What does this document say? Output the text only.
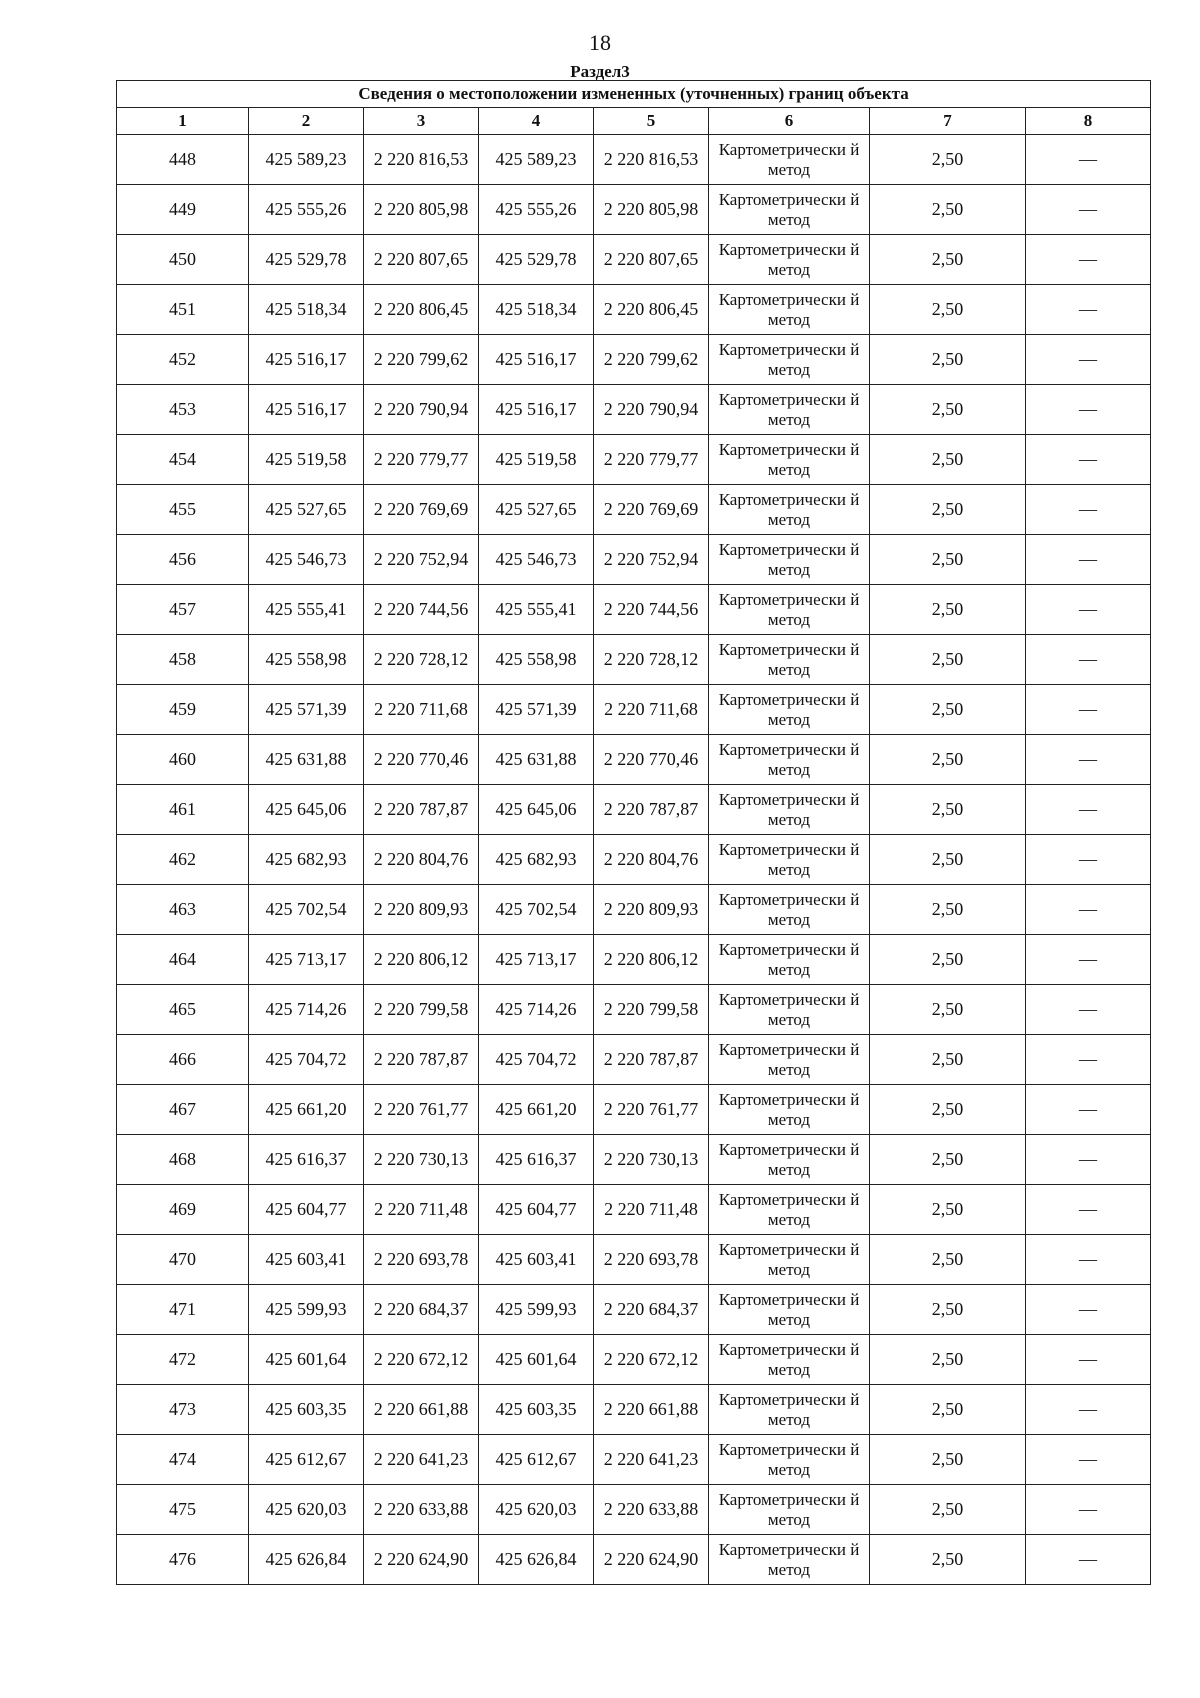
18
Раздел3
Сведения о местоположении измененных (уточненных) границ объекта							
1	2	3	4	5	6	7	8
448	425 589,23	2 220 816,53	425 589,23	2 220 816,53	Картометрически й метод	2,50	—
449	425 555,26	2 220 805,98	425 555,26	2 220 805,98	Картометрически й метод	2,50	—
450	425 529,78	2 220 807,65	425 529,78	2 220 807,65	Картометрически й метод	2,50	—
451	425 518,34	2 220 806,45	425 518,34	2 220 806,45	Картометрически й метод	2,50	—
452	425 516,17	2 220 799,62	425 516,17	2 220 799,62	Картометрически й метод	2,50	—
453	425 516,17	2 220 790,94	425 516,17	2 220 790,94	Картометрически й метод	2,50	—
454	425 519,58	2 220 779,77	425 519,58	2 220 779,77	Картометрически й метод	2,50	—
455	425 527,65	2 220 769,69	425 527,65	2 220 769,69	Картометрически й метод	2,50	—
456	425 546,73	2 220 752,94	425 546,73	2 220 752,94	Картометрически й метод	2,50	—
457	425 555,41	2 220 744,56	425 555,41	2 220 744,56	Картометрически й метод	2,50	—
458	425 558,98	2 220 728,12	425 558,98	2 220 728,12	Картометрически й метод	2,50	—
459	425 571,39	2 220 711,68	425 571,39	2 220 711,68	Картометрически й метод	2,50	—
460	425 631,88	2 220 770,46	425 631,88	2 220 770,46	Картометрически й метод	2,50	—
461	425 645,06	2 220 787,87	425 645,06	2 220 787,87	Картометрически й метод	2,50	—
462	425 682,93	2 220 804,76	425 682,93	2 220 804,76	Картометрически й метод	2,50	—
463	425 702,54	2 220 809,93	425 702,54	2 220 809,93	Картометрически й метод	2,50	—
464	425 713,17	2 220 806,12	425 713,17	2 220 806,12	Картометрически й метод	2,50	—
465	425 714,26	2 220 799,58	425 714,26	2 220 799,58	Картометрически й метод	2,50	—
466	425 704,72	2 220 787,87	425 704,72	2 220 787,87	Картометрически й метод	2,50	—
467	425 661,20	2 220 761,77	425 661,20	2 220 761,77	Картометрически й метод	2,50	—
468	425 616,37	2 220 730,13	425 616,37	2 220 730,13	Картометрически й метод	2,50	—
469	425 604,77	2 220 711,48	425 604,77	2 220 711,48	Картометрически й метод	2,50	—
470	425 603,41	2 220 693,78	425 603,41	2 220 693,78	Картометрически й метод	2,50	—
471	425 599,93	2 220 684,37	425 599,93	2 220 684,37	Картометрически й метод	2,50	—
472	425 601,64	2 220 672,12	425 601,64	2 220 672,12	Картометрически й метод	2,50	—
473	425 603,35	2 220 661,88	425 603,35	2 220 661,88	Картометрически й метод	2,50	—
474	425 612,67	2 220 641,23	425 612,67	2 220 641,23	Картометрически й метод	2,50	—
475	425 620,03	2 220 633,88	425 620,03	2 220 633,88	Картометрически й метод	2,50	—
476	425 626,84	2 220 624,90	425 626,84	2 220 624,90	Картометрически й метод	2,50	—
